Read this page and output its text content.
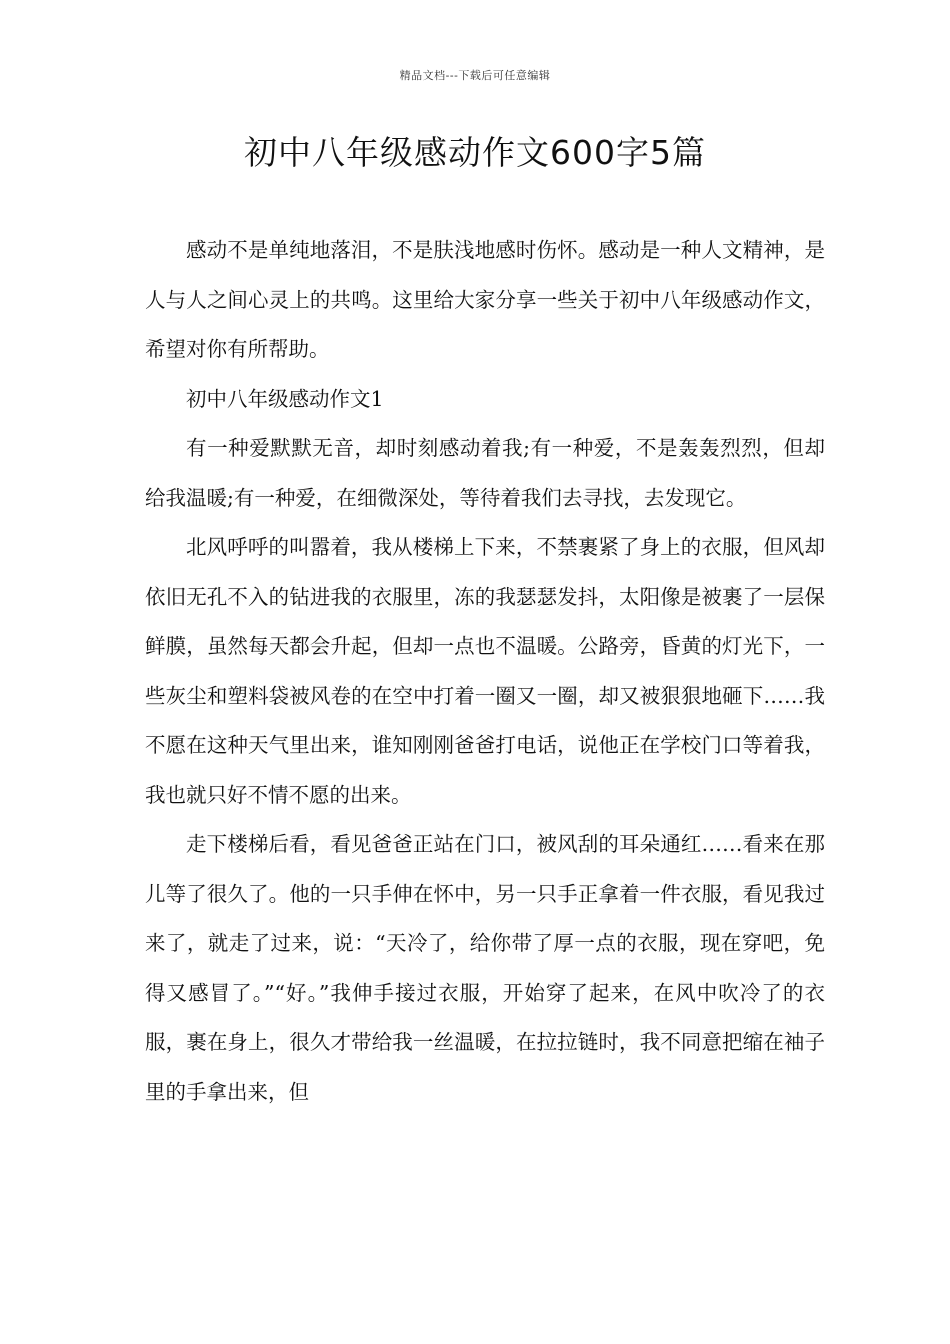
精品文档---下载后可任意编辑
初中八年级感动作文600字5篇

感动不是单纯地落泪，不是肤浅地感时伤怀。感动是一种人文精神，是人与人之间心灵上的共鸣。这里给大家分享一些关于初中八年级感动作文，希望对你有所帮助。

初中八年级感动作文1

有一种爱默默无音，却时刻感动着我;有一种爱，不是轰轰烈烈，但却给我温暖;有一种爱，在细微深处，等待着我们去寻找，去发现它。

北风呼呼的叫嚣着，我从楼梯上下来，不禁裹紧了身上的衣服，但风却依旧无孔不入的钻进我的衣服里，冻的我瑟瑟发抖，太阳像是被裹了一层保鲜膜，虽然每天都会升起，但却一点也不温暖。公路旁，昏黄的灯光下，一些灰尘和塑料袋被风卷的在空中打着一圈又一圈，却又被狠狠地砸下……我不愿在这种天气里出来，谁知刚刚爸爸打电话，说他正在学校门口等着我，我也就只好不情不愿的出来。

走下楼梯后看，看见爸爸正站在门口，被风刮的耳朵通红……看来在那儿等了很久了。他的一只手伸在怀中，另一只手正拿着一件衣服，看见我过来了，就走了过来，说：“天冷了，给你带了厚一点的衣服，现在穿吧，免得又感冒了。”“好。”我伸手接过衣服，开始穿了起来，在风中吹冷了的衣服，裹在身上，很久才带给我一丝温暖，在拉拉链时，我不同意把缩在袖子里的手拿出来，但
